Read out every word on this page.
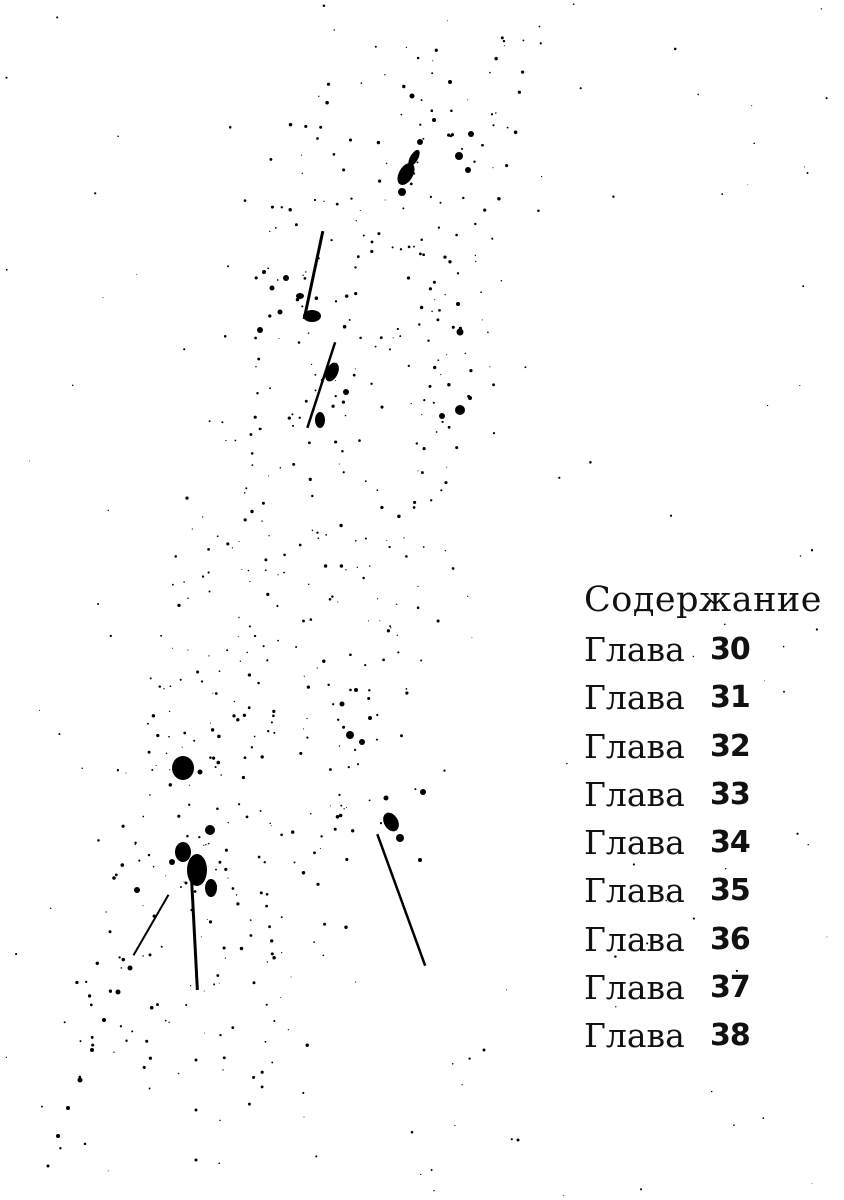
Содержание
Глава 30
Глава 31
Глава 32
Глава 33
Глава 34
Глава 35
Глава 36
Глава 37
Глава 38
